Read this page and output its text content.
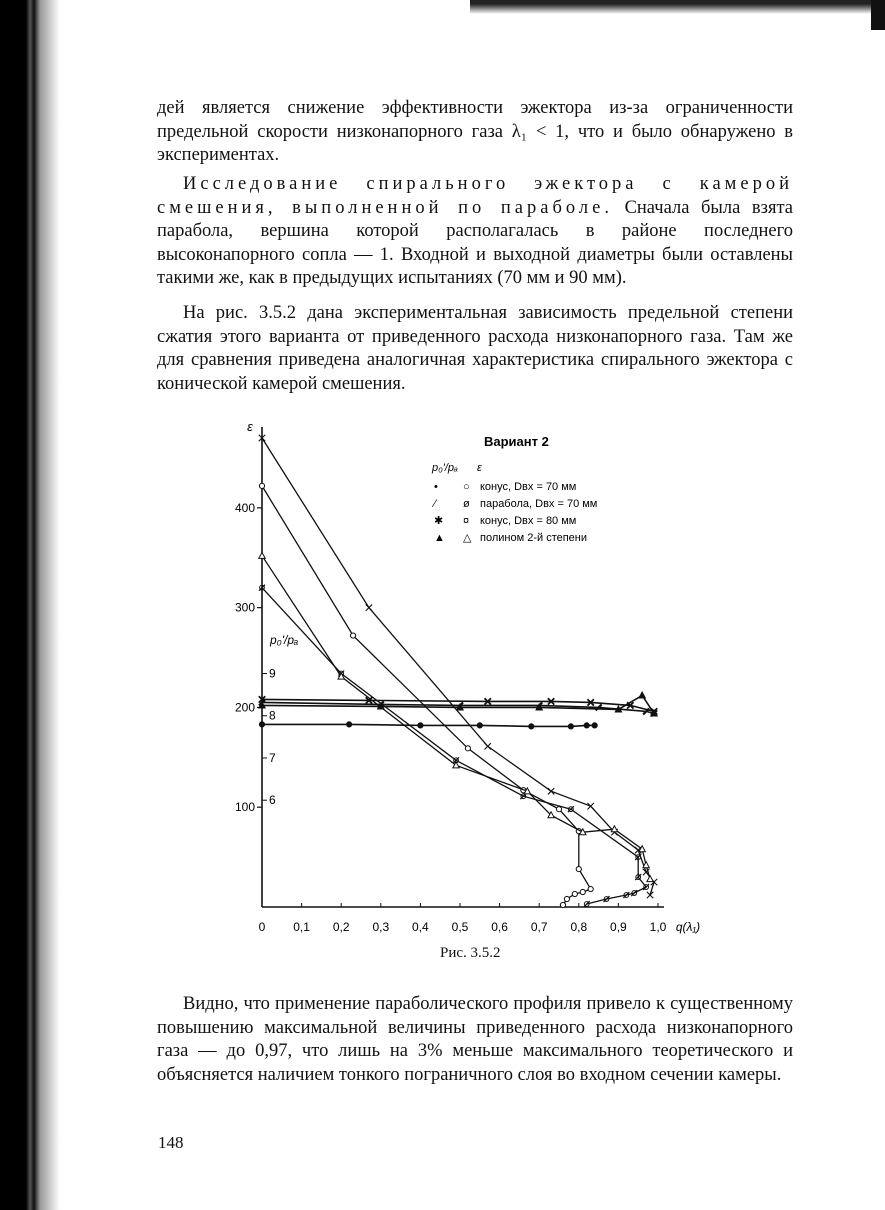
дей является снижение эффективности эжектора из-за ограниченности предельной скорости низконапорного газа λ₁ < 1, что и было обнаружено в экспериментах.

Исследование спирального эжектора с камерой смешения, выполненной по параболе. Сначала была взята парабола, вершина которой располагалась в районе последнего высоконапорного сопла — 1. Входной и выходной диаметры были оставлены такими же, как в предыдущих испытаниях (70 мм и 90 мм).

На рис. 3.5.2 дана экспериментальная зависимость предельной степени сжатия этого варианта от приведенного расхода низконапорного газа. Там же для сравнения приведена аналогичная характеристика спирального эжектора с конической камерой смешения.

ε
q(λ₁)
0 0,1 0,2 0,3 0,4 0,5 0,6 0,7 0,8 0,9 1,0
100
200
300
400
p₀'/pₐ
9
8
7
6
Вариант 2
p₀'/pₐ ε
• ○ конус, Dвх = 70 мм
⁄ ø парабола, Dвх = 70 мм
✱ ¤ конус, Dвх = 80 мм
▲ △ полином 2-й степени
Рис. 3.5.2

Видно, что применение параболического профиля привело к существенному повышению максимальной величины приведенного расхода низконапорного газа — до 0,97, что лишь на 3% меньше максимального теоретического и объясняется наличием тонкого пограничного слоя во входном сечении камеры.

148
